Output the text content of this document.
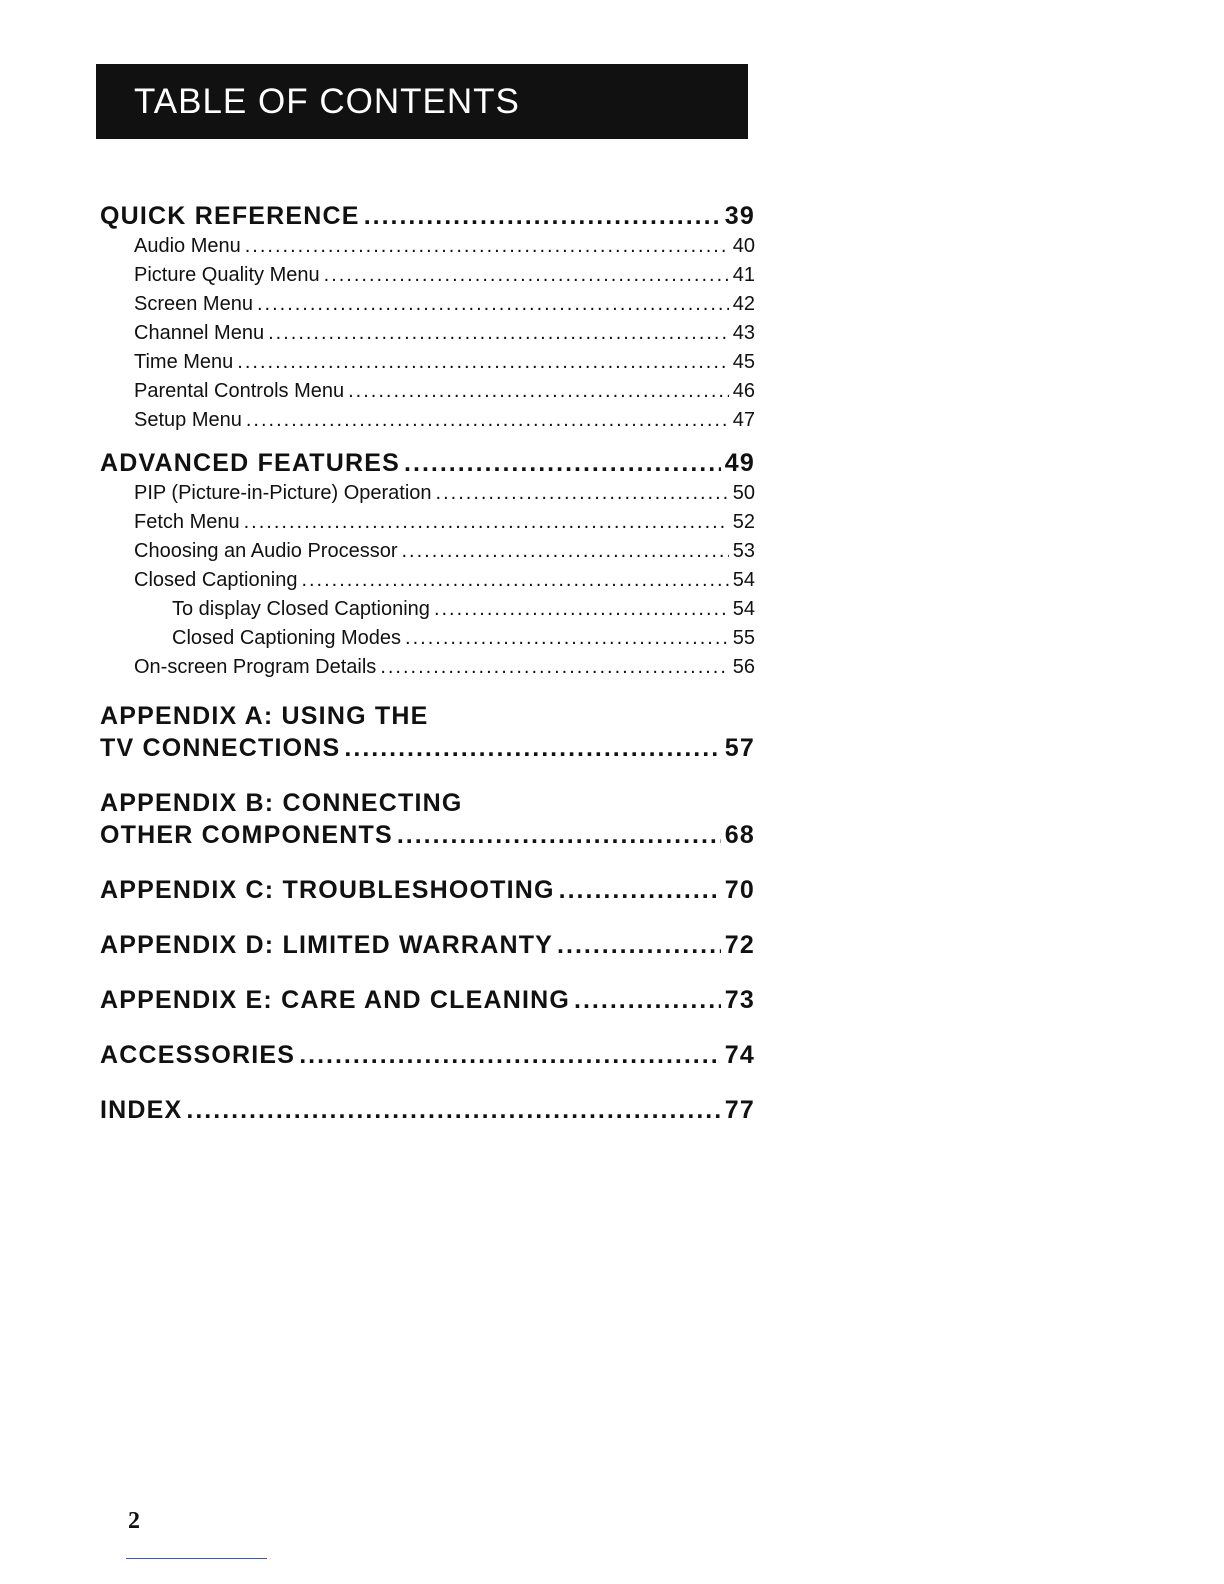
TABLE OF CONTENTS
QUICK REFERENCE .....	39
Audio Menu .....	40
Picture Quality Menu .....	41
Screen Menu .....	42
Channel Menu .....	43
Time Menu .....	45
Parental Controls Menu .....	46
Setup Menu .....	47
ADVANCED FEATURES .....	49
PIP (Picture-in-Picture) Operation .....	50
Fetch Menu .....	52
Choosing an Audio Processor .....	53
Closed Captioning .....	54
To display Closed Captioning .....	54
Closed Captioning Modes .....	55
On-screen Program Details .....	56
APPENDIX A: USING THE
TV CONNECTIONS .....	57
APPENDIX B: CONNECTING
OTHER COMPONENTS .....	68
APPENDIX C: TROUBLESHOOTING .....	70
APPENDIX D: LIMITED WARRANTY .....	72
APPENDIX E: CARE AND CLEANING .....	73
ACCESSORIES .....	74
INDEX .....	77
2
